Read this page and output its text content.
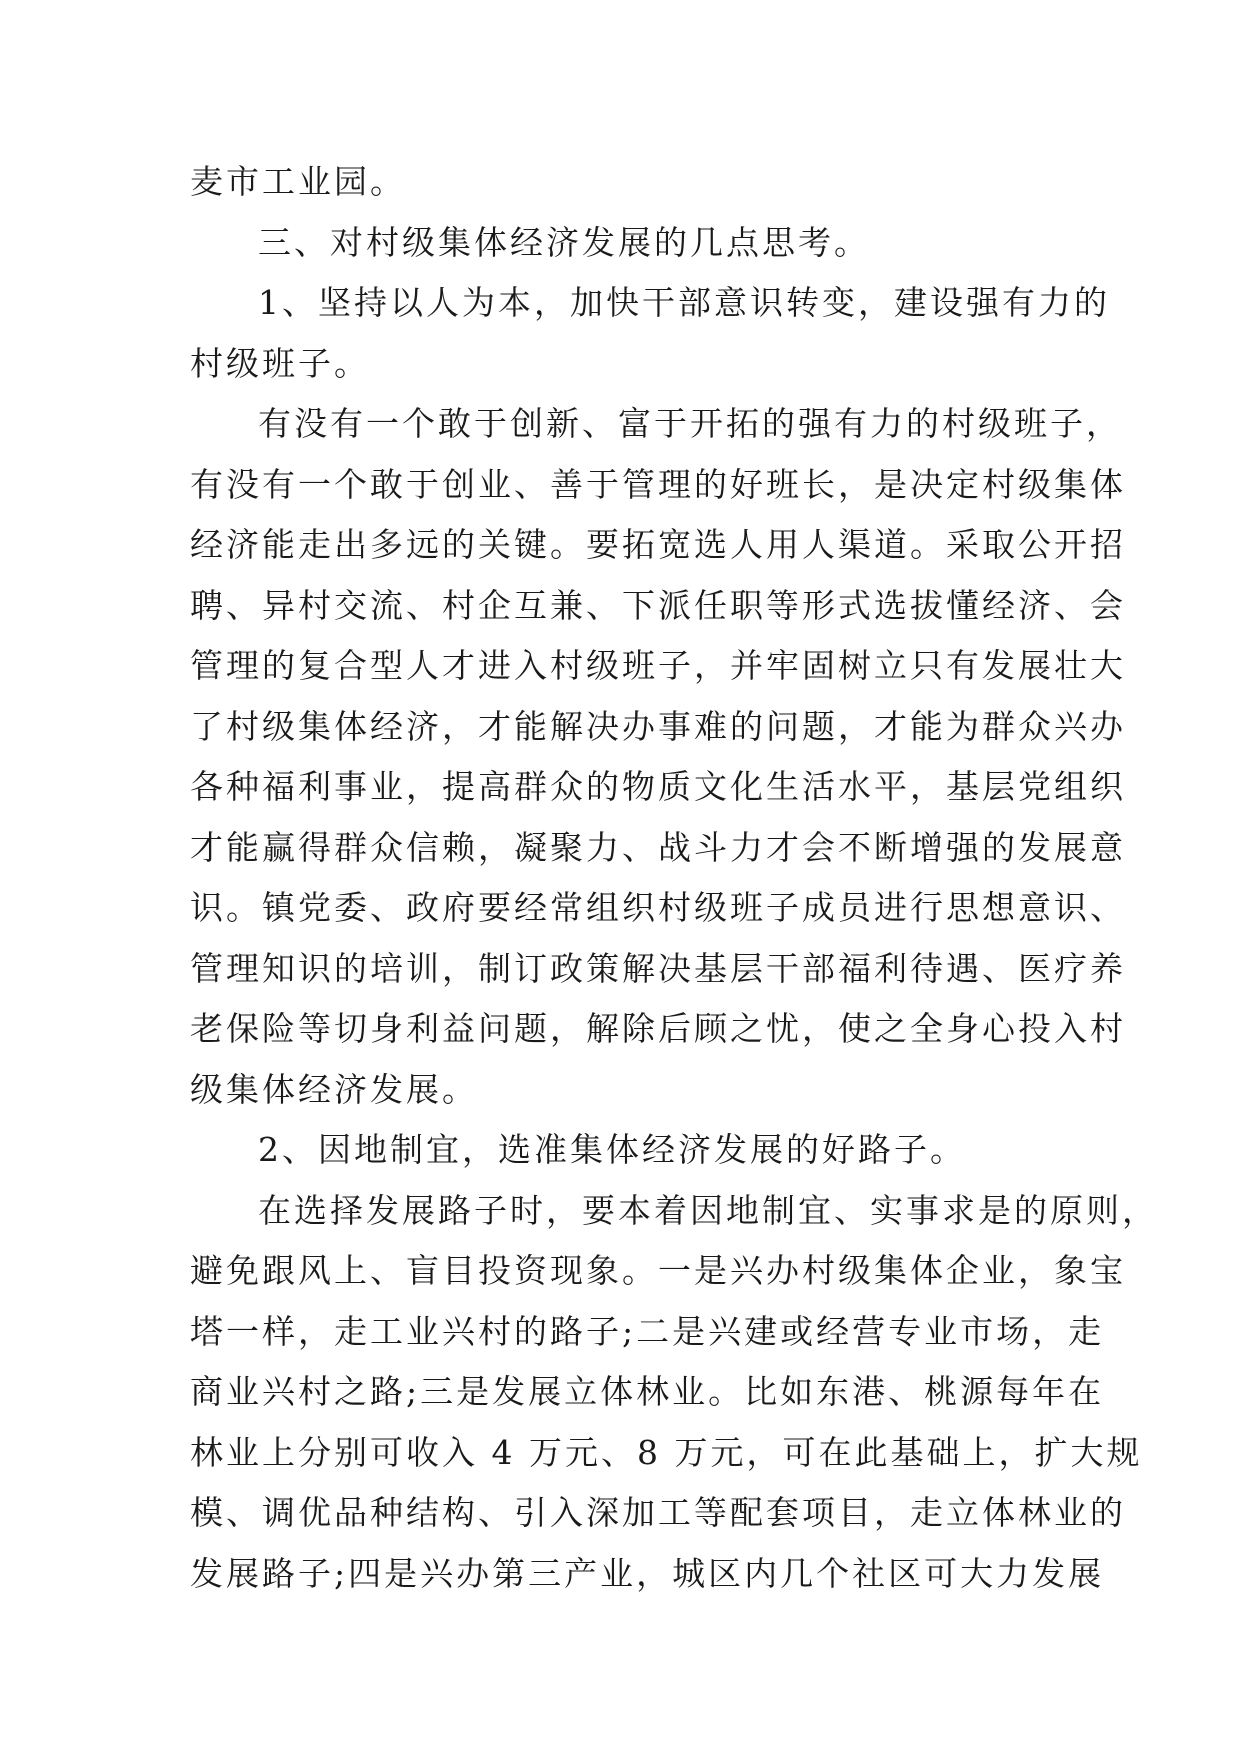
麦市工业园。
三、对村级集体经济发展的几点思考。
1、坚持以人为本，加快干部意识转变，建设强有力的
村级班子。
有没有一个敢于创新、富于开拓的强有力的村级班子，
有没有一个敢于创业、善于管理的好班长，是决定村级集体
经济能走出多远的关键。要拓宽选人用人渠道。采取公开招
聘、异村交流、村企互兼、下派任职等形式选拔懂经济、会
管理的复合型人才进入村级班子，并牢固树立只有发展壮大
了村级集体经济，才能解决办事难的问题，才能为群众兴办
各种福利事业，提高群众的物质文化生活水平，基层党组织
才能赢得群众信赖，凝聚力、战斗力才会不断增强的发展意
识。镇党委、政府要经常组织村级班子成员进行思想意识、
管理知识的培训，制订政策解决基层干部福利待遇、医疗养
老保险等切身利益问题，解除后顾之忧，使之全身心投入村
级集体经济发展。
2、因地制宜，选准集体经济发展的好路子。
在选择发展路子时，要本着因地制宜、实事求是的原则，
避免跟风上、盲目投资现象。一是兴办村级集体企业，象宝
塔一样，走工业兴村的路子;二是兴建或经营专业市场，走
商业兴村之路;三是发展立体林业。比如东港、桃源每年在
林业上分别可收入 4 万元、8 万元，可在此基础上，扩大规
模、调优品种结构、引入深加工等配套项目，走立体林业的
发展路子;四是兴办第三产业，城区内几个社区可大力发展
